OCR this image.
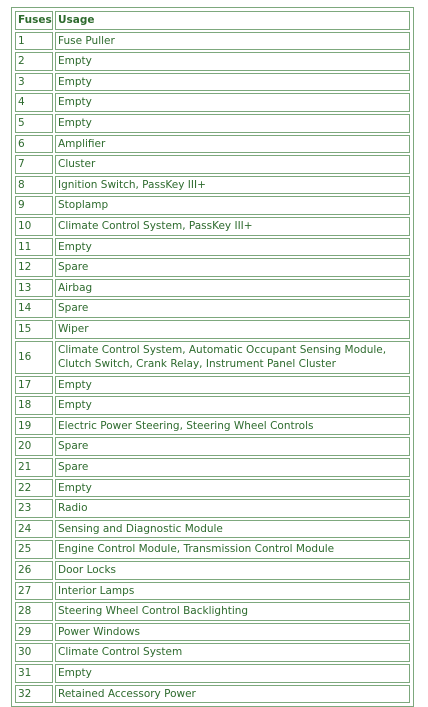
Fuses	Usage
1	Fuse Puller
2	Empty
3	Empty
4	Empty
5	Empty
6	Amplifier
7	Cluster
8	Ignition Switch, PassKey III+
9	Stoplamp
10	Climate Control System, PassKey III+
11	Empty
12	Spare
13	Airbag
14	Spare
15	Wiper
16	Climate Control System, Automatic Occupant Sensing Module, Clutch Switch, Crank Relay, Instrument Panel Cluster
17	Empty
18	Empty
19	Electric Power Steering, Steering Wheel Controls
20	Spare
21	Spare
22	Empty
23	Radio
24	Sensing and Diagnostic Module
25	Engine Control Module, Transmission Control Module
26	Door Locks
27	Interior Lamps
28	Steering Wheel Control Backlighting
29	Power Windows
30	Climate Control System
31	Empty
32	Retained Accessory Power
